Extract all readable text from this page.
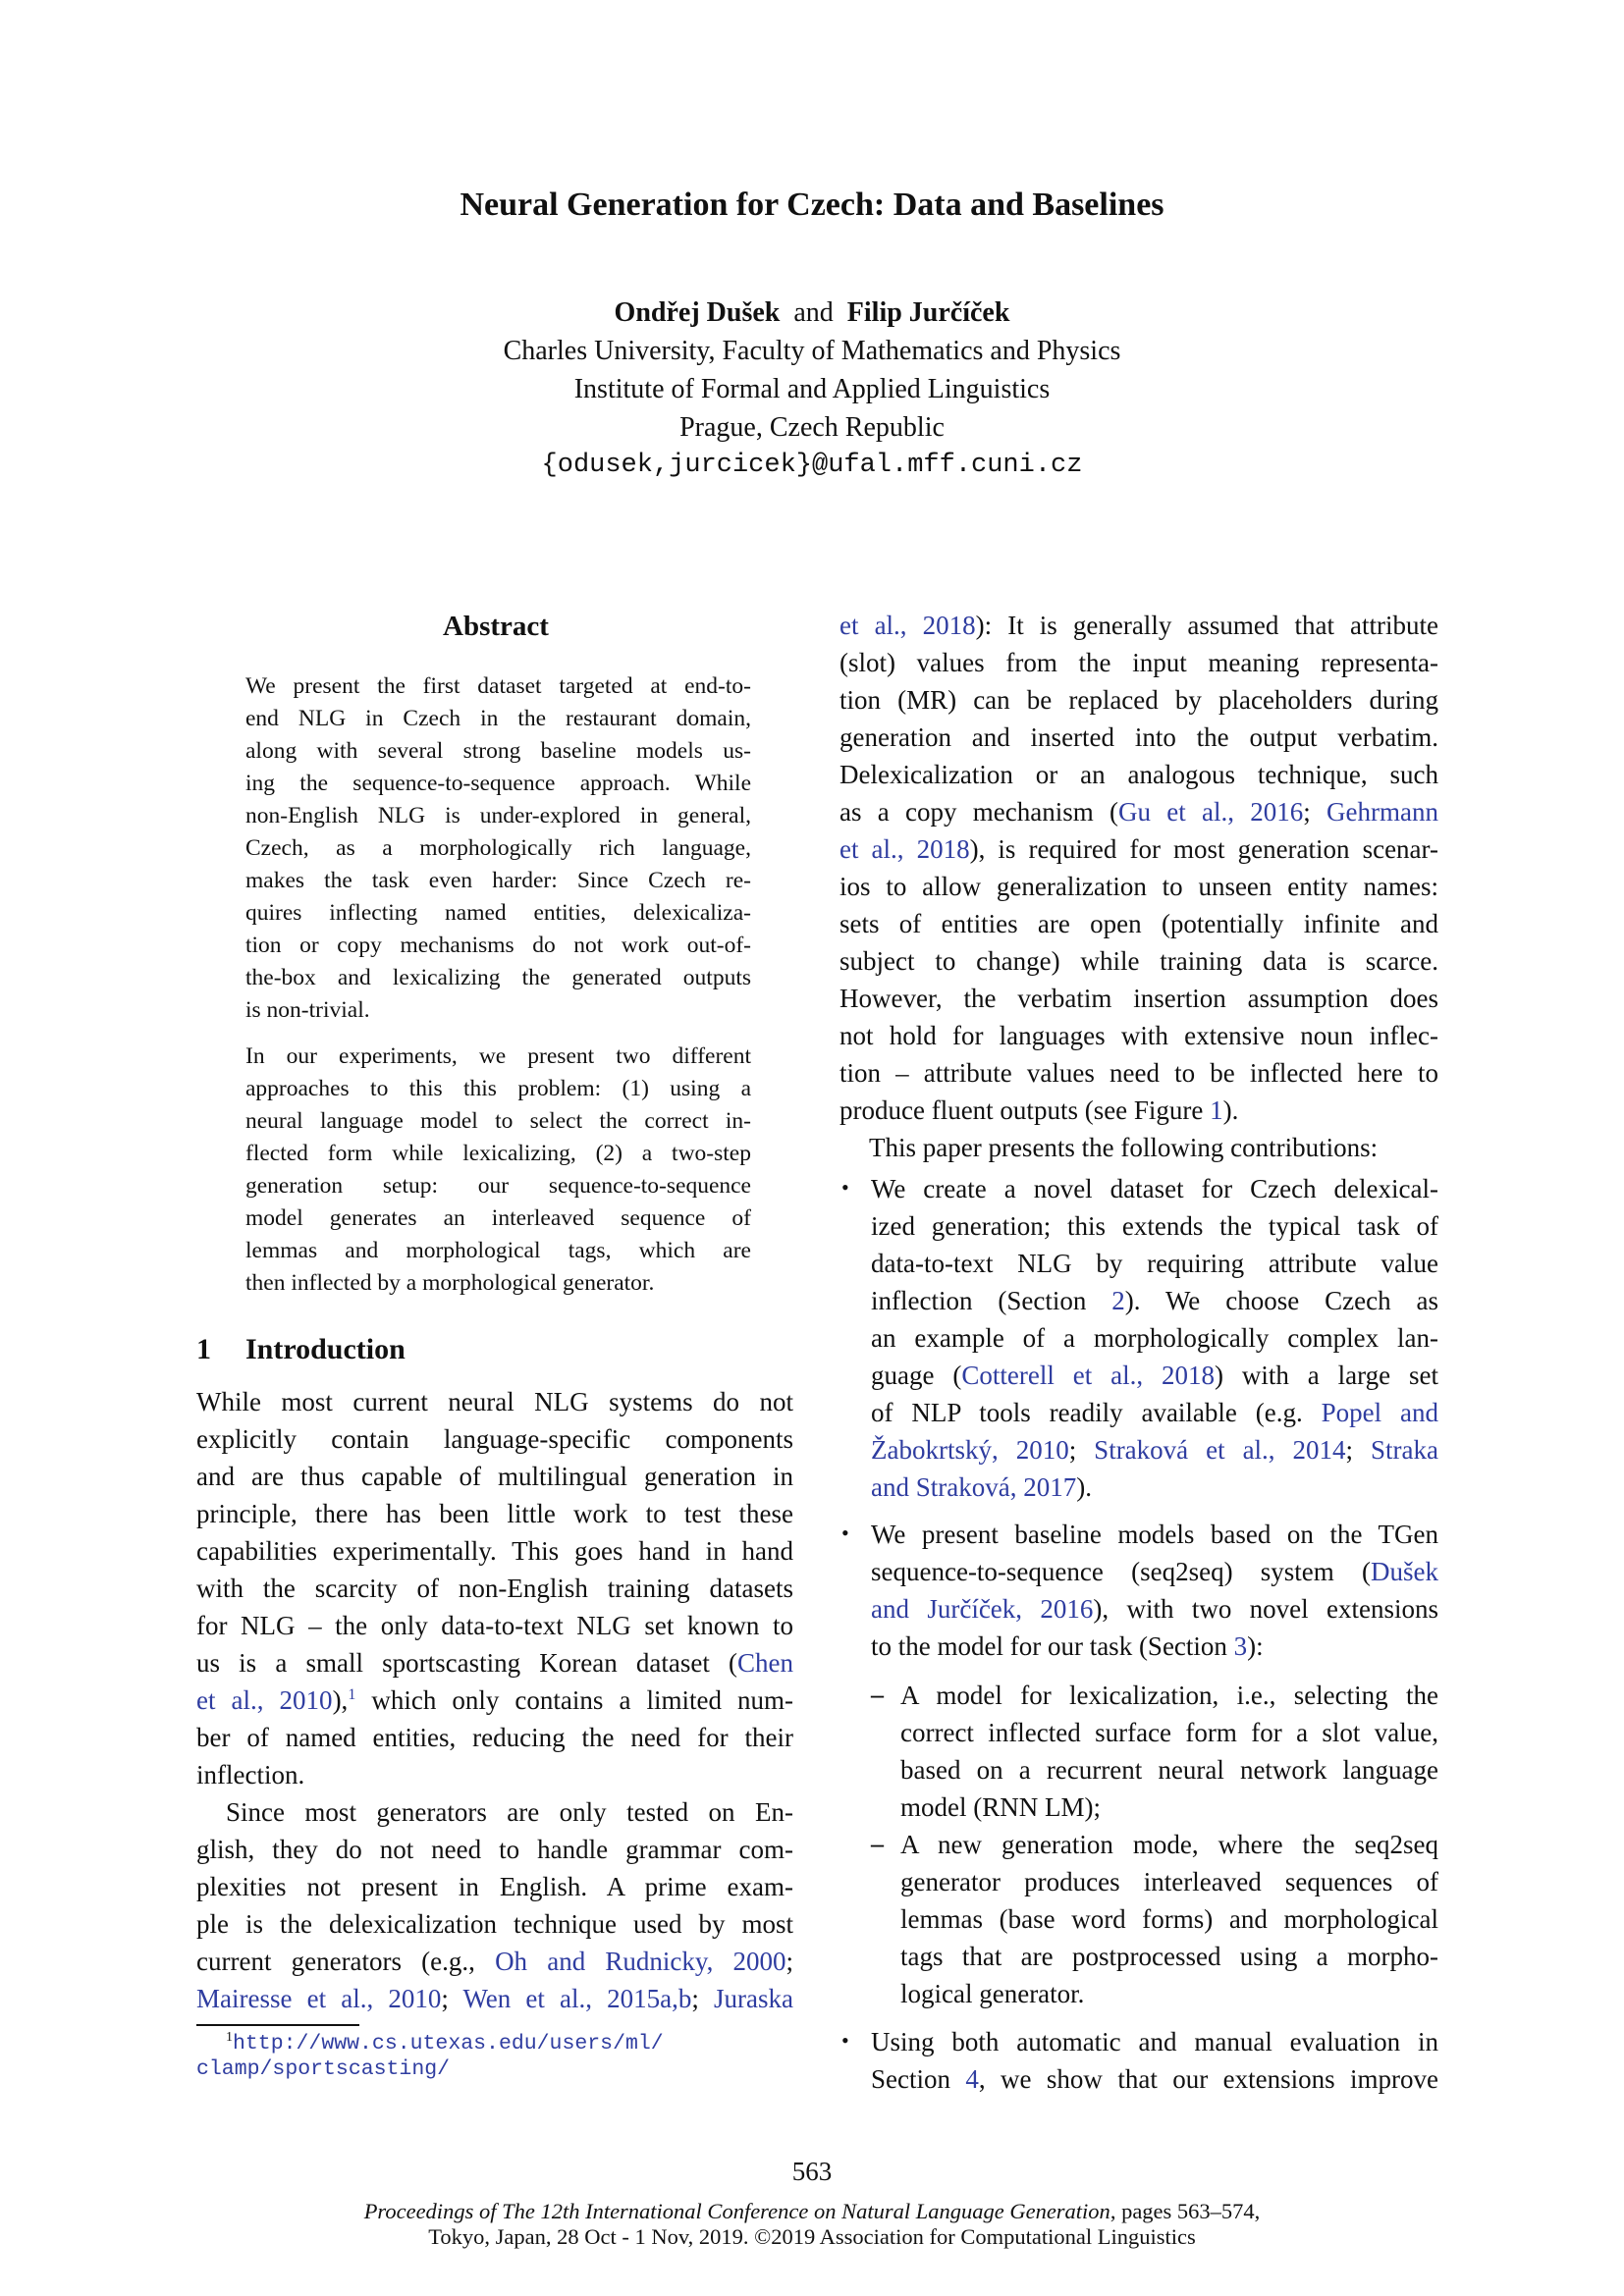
Neural Generation for Czech: Data and Baselines
Ondřej Dušek and Filip Jurčíček
Charles University, Faculty of Mathematics and Physics
Institute of Formal and Applied Linguistics
Prague, Czech Republic
{odusek,jurcicek}@ufal.mff.cuni.cz
Abstract
We present the first dataset targeted at end-to-
end NLG in Czech in the restaurant domain,
along with several strong baseline models us-
ing the sequence-to-sequence approach. While
non-English NLG is under-explored in general,
Czech, as a morphologically rich language,
makes the task even harder: Since Czech re-
quires inflecting named entities, delexicaliza-
tion or copy mechanisms do not work out-of-
the-box and lexicalizing the generated outputs
is non-trivial.
In our experiments, we present two different
approaches to this this problem: (1) using a
neural language model to select the correct in-
flected form while lexicalizing, (2) a two-step
generation setup: our sequence-to-sequence
model generates an interleaved sequence of
lemmas and morphological tags, which are
then inflected by a morphological generator.
1 Introduction
While most current neural NLG systems do not
explicitly contain language-specific components
and are thus capable of multilingual generation in
principle, there has been little work to test these
capabilities experimentally. This goes hand in hand
with the scarcity of non-English training datasets
for NLG – the only data-to-text NLG set known to
us is a small sportscasting Korean dataset (Chen
et al., 2010),$^1$ which only contains a limited num-
ber of named entities, reducing the need for their
inflection.
Since most generators are only tested on En-
glish, they do not need to handle grammar com-
plexities not present in English. A prime exam-
ple is the delexicalization technique used by most
current generators (e.g., Oh and Rudnicky, 2000;
Mairesse et al., 2010; Wen et al., 2015a,b; Juraska
$^1$http://www.cs.utexas.edu/users/ml/
clamp/sportscasting/
et al., 2018): It is generally assumed that attribute
(slot) values from the input meaning representa-
tion (MR) can be replaced by placeholders during
generation and inserted into the output verbatim.
Delexicalization or an analogous technique, such
as a copy mechanism (Gu et al., 2016; Gehrmann
et al., 2018), is required for most generation scenar-
ios to allow generalization to unseen entity names:
sets of entities are open (potentially infinite and
subject to change) while training data is scarce.
However, the verbatim insertion assumption does
not hold for languages with extensive noun inflec-
tion – attribute values need to be inflected here to
produce fluent outputs (see Figure 1).
This paper presents the following contributions:
• We create a novel dataset for Czech delexical-
ized generation; this extends the typical task of
data-to-text NLG by requiring attribute value
inflection (Section 2). We choose Czech as
an example of a morphologically complex lan-
guage (Cotterell et al., 2018) with a large set
of NLP tools readily available (e.g. Popel and
Žabokrtský, 2010; Straková et al., 2014; Straka
and Straková, 2017).
• We present baseline models based on the TGen
sequence-to-sequence (seq2seq) system (Dušek
and Jurčíček, 2016), with two novel extensions
to the model for our task (Section 3):
– A model for lexicalization, i.e., selecting the
correct inflected surface form for a slot value,
based on a recurrent neural network language
model (RNN LM);
– A new generation mode, where the seq2seq
generator produces interleaved sequences of
lemmas (base word forms) and morphological
tags that are postprocessed using a morpho-
logical generator.
• Using both automatic and manual evaluation in
Section 4, we show that our extensions improve
563
Proceedings of The 12th International Conference on Natural Language Generation, pages 563–574,
Tokyo, Japan, 28 Oct - 1 Nov, 2019. ©2019 Association for Computational Linguistics
